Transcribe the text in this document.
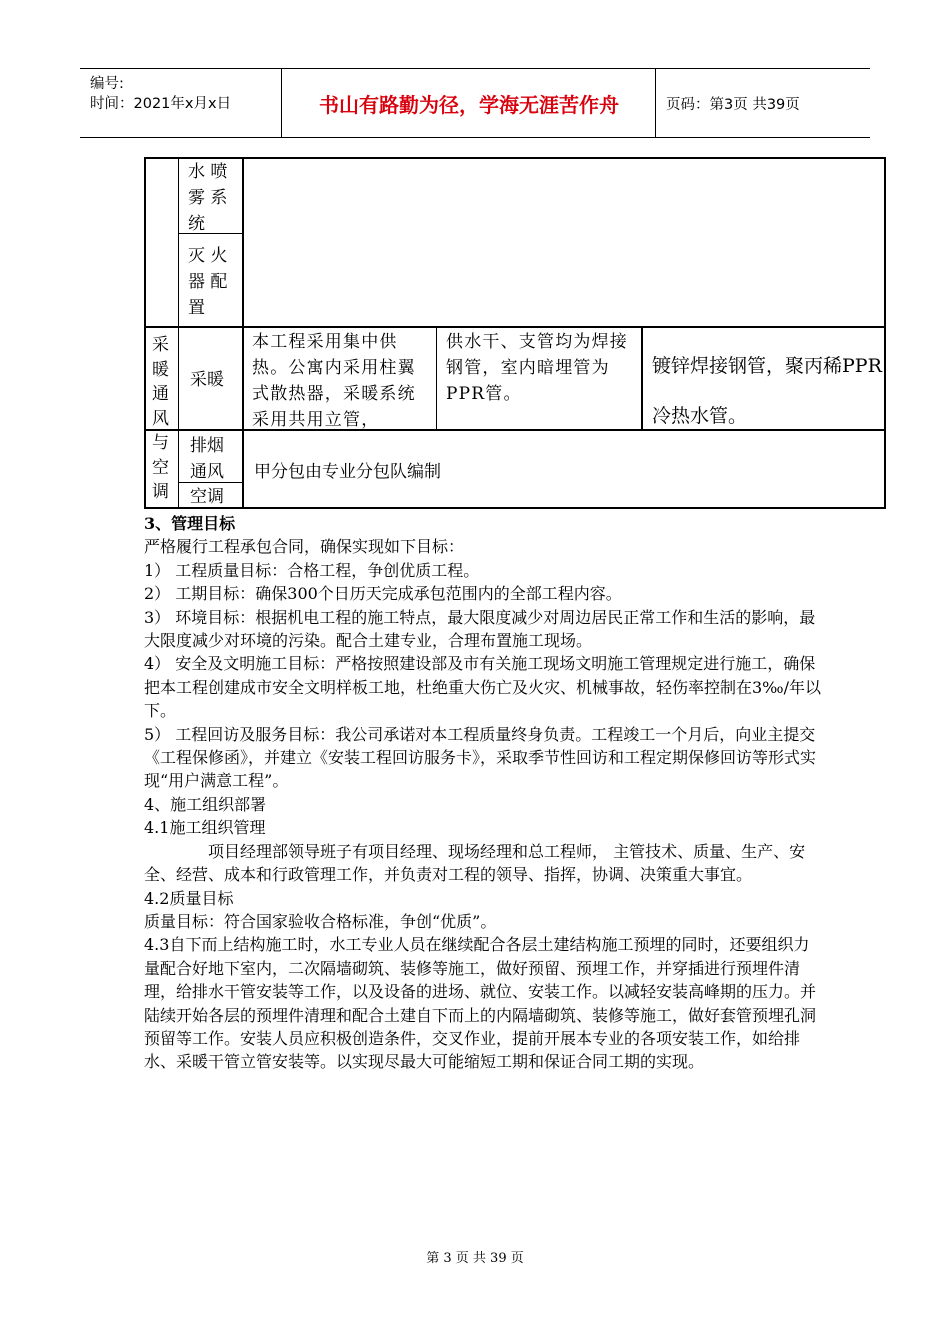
编号:
时间：2021年x月x日	书山有路勤为径，学海无涯苦作舟	页码：第3页 共39页
水 喷 雾 系 统
灭 火 器 配 置
采暖通风与空调
采暖
本工程采用集中供热。公寓内采用柱翼式散热器，采暖系统采用共用立管，
供水干、支管均为焊接钢管，室内暗埋管为PPR管。
镀锌焊接钢管，聚丙稀PPR冷热水管。
排烟通风
空调
甲分包由专业分包队编制

3、管理目标

严格履行工程承包合同，确保实现如下目标：

1） 工程质量目标：合格工程，争创优质工程。

2） 工期目标：确保300个日历天完成承包范围内的全部工程内容。

3） 环境目标：根据机电工程的施工特点，最大限度减少对周边居民正常工作和生活的影响，最大限度减少对环境的污染。配合土建专业，合理布置施工现场。

4） 安全及文明施工目标：严格按照建设部及市有关施工现场文明施工管理规定进行施工，确保把本工程创建成市安全文明样板工地，杜绝重大伤亡及火灾、机械事故，轻伤率控制在3‰/年以下。

5） 工程回访及服务目标：我公司承诺对本工程质量终身负责。工程竣工一个月后，向业主提交《工程保修函》，并建立《安装工程回访服务卡》，采取季节性回访和工程定期保修回访等形式实现“用户满意工程”。

4、施工组织部署

4.1施工组织管理

项目经理部领导班子有项目经理、现场经理和总工程师， 主管技术、质量、生产、安全、经营、成本和行政管理工作，并负责对工程的领导、指挥，协调、决策重大事宜。

4.2质量目标

质量目标：符合国家验收合格标准，争创“优质”。

4.3自下而上结构施工时，水工专业人员在继续配合各层土建结构施工预埋的同时，还要组织力量配合好地下室内，二次隔墙砌筑、装修等施工，做好预留、预埋工作，并穿插进行预埋件清理，给排水干管安装等工作，以及设备的进场、就位、安装工作。以减轻安装高峰期的压力。并陆续开始各层的预埋件清理和配合土建自下而上的内隔墙砌筑、装修等施工，做好套管预埋孔洞预留等工作。安装人员应积极创造条件，交叉作业，提前开展本专业的各项安装工作，如给排水、采暖干管立管安装等。以实现尽最大可能缩短工期和保证合同工期的实现。

第 3 页 共 39 页
